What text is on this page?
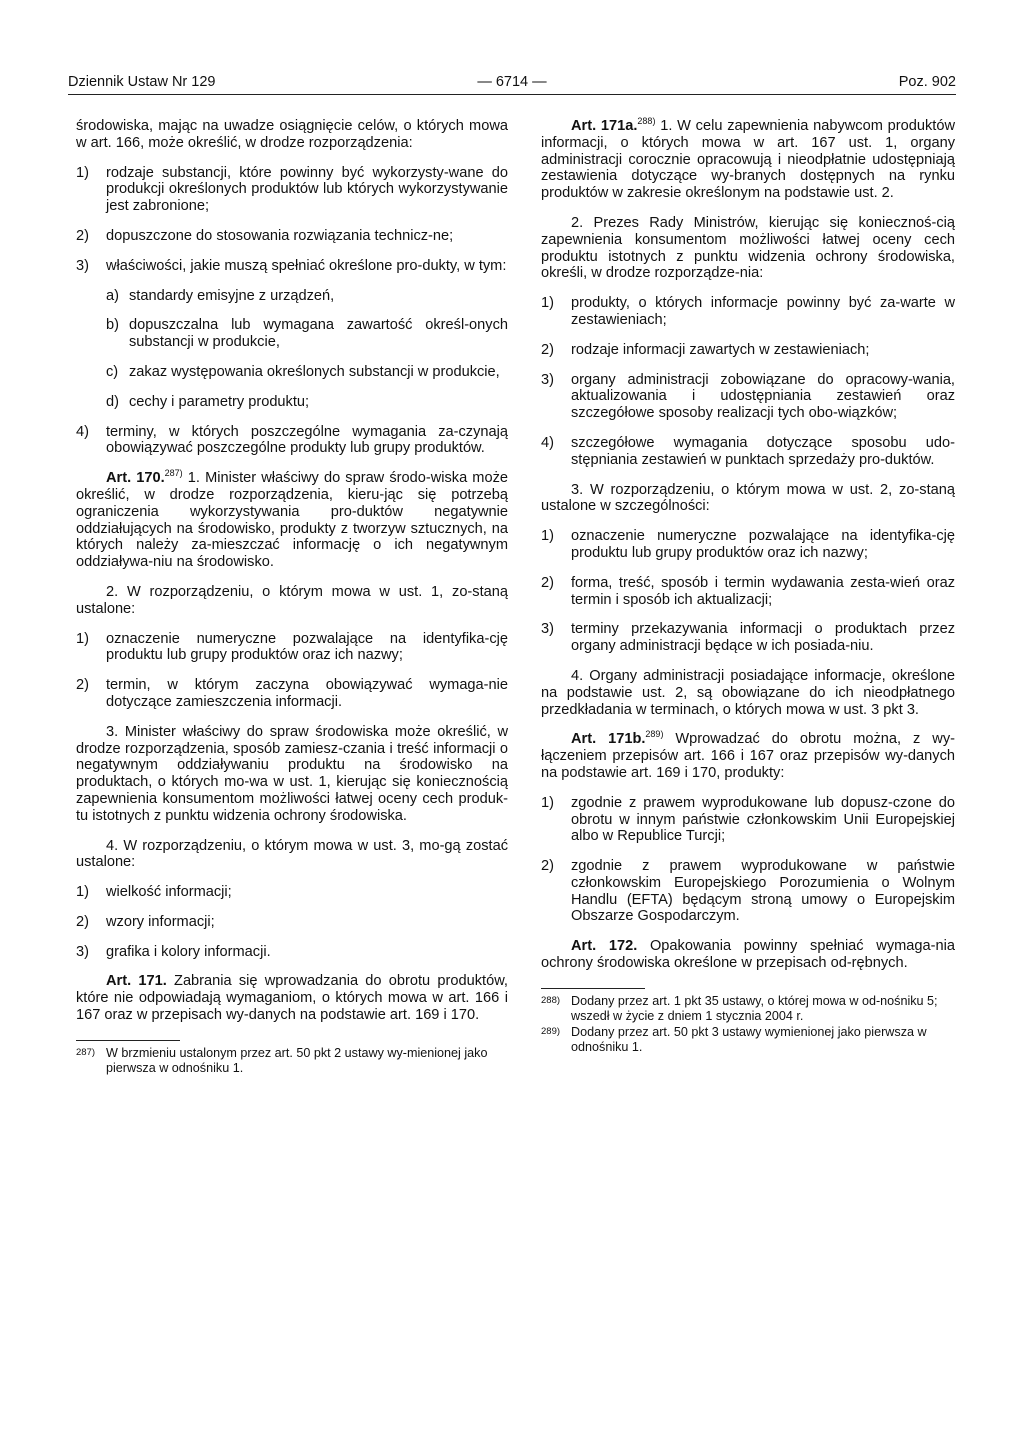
Dziennik Ustaw Nr 129	— 6714 —	Poz. 902

środowiska, mając na uwadze osiągnięcie celów, o których mowa w art. 166, może określić, w drodze rozporządzenia:

1)	rodzaje substancji, które powinny być wykorzysty-wane do produkcji określonych produktów lub których wykorzystywanie jest zabronione;
2)	dopuszczone do stosowania rozwiązania technicz-ne;
3)	właściwości, jakie muszą spełniać określone pro-dukty, w tym:
a) standardy emisyjne z urządzeń,
b) dopuszczalna lub wymagana zawartość określ-onych substancji w produkcie,
c) zakaz występowania określonych substancji w produkcie,
d) cechy i parametry produktu;
4)	terminy, w których poszczególne wymagania za-czynają obowiązywać poszczególne produkty lub grupy produktów.

Art. 170.$^{287)}$ 1. Minister właściwy do spraw środo-wiska może określić, w drodze rozporządzenia, kieru-jąc się potrzebą ograniczenia wykorzystywania pro-duktów negatywnie oddziałujących na środowisko, produkty z tworzyw sztucznych, na których należy za-mieszczać informację o ich negatywnym oddziaływa-niu na środowisko.

2. W rozporządzeniu, o którym mowa w ust. 1, zo-staną ustalone:

1)	oznaczenie numeryczne pozwalające na identyfika-cję produktu lub grupy produktów oraz ich nazwy;
2)	termin, w którym zaczyna obowiązywać wymaga-nie dotyczące zamieszczenia informacji.

3. Minister właściwy do spraw środowiska może określić, w drodze rozporządzenia, sposób zamiesz-czania i treść informacji o negatywnym oddziaływaniu produktu na środowisko na produktach, o których mo-wa w ust. 1, kierując się koniecznością zapewnienia konsumentom możliwości łatwej oceny cech produk-tu istotnych z punktu widzenia ochrony środowiska.

4. W rozporządzeniu, o którym mowa w ust. 3, mo-gą zostać ustalone:

1)	wielkość informacji;
2)	wzory informacji;
3)	grafika i kolory informacji.

Art. 171. Zabrania się wprowadzania do obrotu produktów, które nie odpowiadają wymaganiom, o których mowa w art. 166 i 167 oraz w przepisach wy-danych na podstawie art. 169 i 170.

287) W brzmieniu ustalonym przez art. 50 pkt 2 ustawy wy-mienionej jako pierwsza w odnośniku 1.

Art. 171a.$^{288)}$ 1. W celu zapewnienia nabywcom produktów informacji, o których mowa w art. 167 ust. 1, organy administracji corocznie opracowują i nieodpłatnie udostępniają zestawienia dotyczące wy-branych dostępnych na rynku produktów w zakresie określonym na podstawie ust. 2.

2. Prezes Rady Ministrów, kierując się koniecznoś-cią zapewnienia konsumentom możliwości łatwej oceny cech produktu istotnych z punktu widzenia ochrony środowiska, określi, w drodze rozporządze-nia:

1)	produkty, o których informacje powinny być za-warte w zestawieniach;
2)	rodzaje informacji zawartych w zestawieniach;
3)	organy administracji zobowiązane do opracowy-wania, aktualizowania i udostępniania zestawień oraz szczegółowe sposoby realizacji tych obo-wiązków;
4)	szczegółowe wymagania dotyczące sposobu udo-stępniania zestawień w punktach sprzedaży pro-duktów.

3. W rozporządzeniu, o którym mowa w ust. 2, zo-staną ustalone w szczególności:

1)	oznaczenie numeryczne pozwalające na identyfika-cję produktu lub grupy produktów oraz ich nazwy;
2)	forma, treść, sposób i termin wydawania zesta-wień oraz termin i sposób ich aktualizacji;
3)	terminy przekazywania informacji o produktach przez organy administracji będące w ich posiada-niu.

4. Organy administracji posiadające informacje, określone na podstawie ust. 2, są obowiązane do ich nieodpłatnego przedkładania w terminach, o których mowa w ust. 3 pkt 3.

Art. 171b.$^{289)}$ Wprowadzać do obrotu można, z wy-łączeniem przepisów art. 166 i 167 oraz przepisów wy-danych na podstawie art. 169 i 170, produkty:

1)	zgodnie z prawem wyprodukowane lub dopusz-czone do obrotu w innym państwie członkowskim Unii Europejskiej albo w Republice Turcji;
2)	zgodnie z prawem wyprodukowane w państwie członkowskim Europejskiego Porozumienia o Wolnym Handlu (EFTA) będącym stroną umowy o Europejskim Obszarze Gospodarczym.

Art. 172. Opakowania powinny spełniać wymaga-nia ochrony środowiska określone w przepisach od-rębnych.

288) Dodany przez art. 1 pkt 35 ustawy, o której mowa w od-nośniku 5; wszedł w życie z dniem 1 stycznia 2004 r.
289) Dodany przez art. 50 pkt 3 ustawy wymienionej jako pierwsza w odnośniku 1.
